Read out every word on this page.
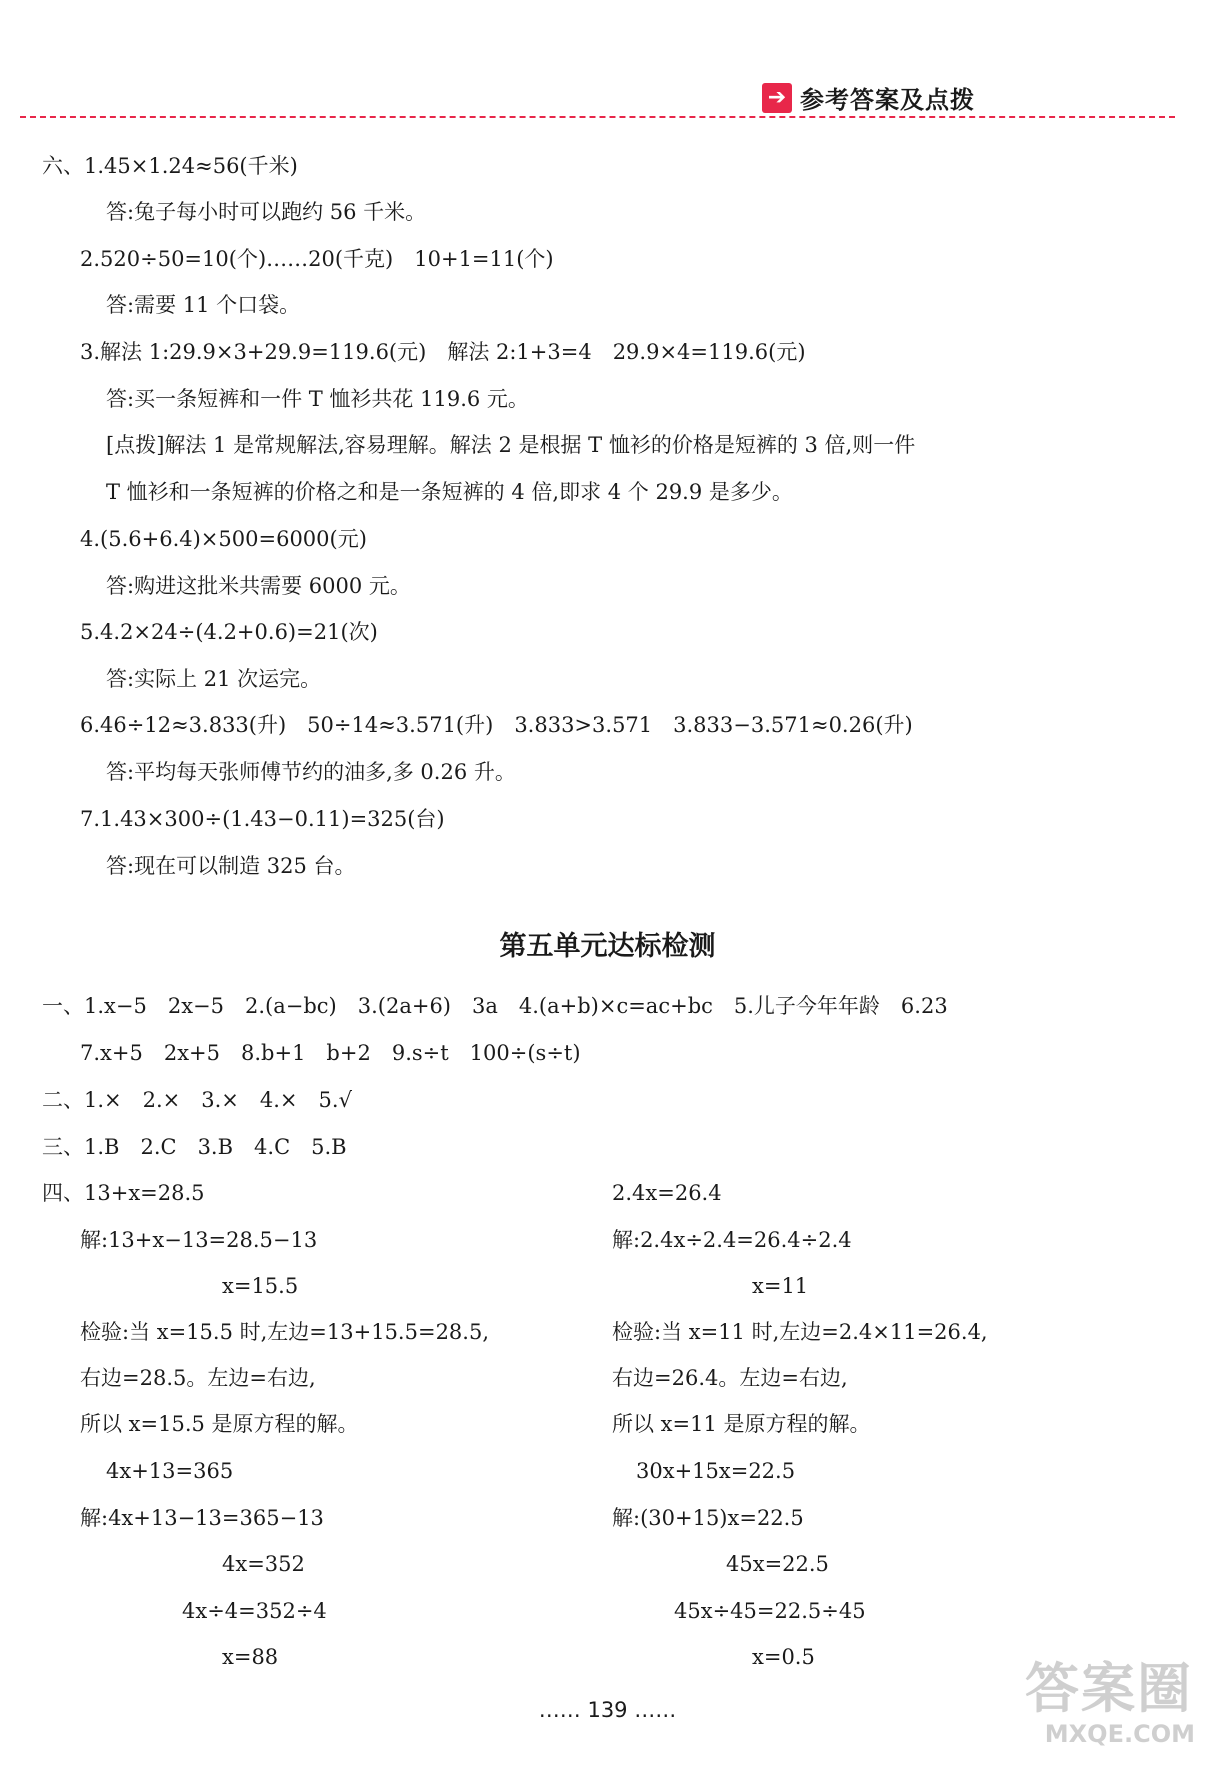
➔ 参考答案及点拨
六、1.45×1.24≈56(千米)
答:兔子每小时可以跑约 56 千米。
2.520÷50=10(个)……20(千克)　10+1=11(个)
答:需要 11 个口袋。
3.解法 1:29.9×3+29.9=119.6(元)　解法 2:1+3=4　29.9×4=119.6(元)
答:买一条短裤和一件 T 恤衫共花 119.6 元。
[点拨]解法 1 是常规解法,容易理解。解法 2 是根据 T 恤衫的价格是短裤的 3 倍,则一件
T 恤衫和一条短裤的价格之和是一条短裤的 4 倍,即求 4 个 29.9 是多少。
4.(5.6+6.4)×500=6000(元)
答:购进这批米共需要 6000 元。
5.4.2×24÷(4.2+0.6)=21(次)
答:实际上 21 次运完。
6.46÷12≈3.833(升)　50÷14≈3.571(升)　3.833>3.571　3.833−3.571≈0.26(升)
答:平均每天张师傅节约的油多,多 0.26 升。
7.1.43×300÷(1.43−0.11)=325(台)
答:现在可以制造 325 台。
第五单元达标检测
一、1.x−5　2x−5　2.(a−bc)　3.(2a+6)　3a　4.(a+b)×c=ac+bc　5.儿子今年年龄　6.23
7.x+5　2x+5　8.b+1　b+2　9.s÷t　100÷(s÷t)
二、1.×　2.×　3.×　4.×　5.√
三、1.B　2.C　3.B　4.C　5.B
四、13+x=28.5
解:13+x−13=28.5−13
x=15.5
检验:当 x=15.5 时,左边=13+15.5=28.5,
右边=28.5。左边=右边,
所以 x=15.5 是原方程的解。
4x+13=365
解:4x+13−13=365−13
4x=352
4x÷4=352÷4
x=88
2.4x=26.4
解:2.4x÷2.4=26.4÷2.4
x=11
检验:当 x=11 时,左边=2.4×11=26.4,
右边=26.4。左边=右边,
所以 x=11 是原方程的解。
30x+15x=22.5
解:(30+15)x=22.5
45x=22.5
45x÷45=22.5÷45
x=0.5
…… 139 ……	答案圈
MXQE.COM
